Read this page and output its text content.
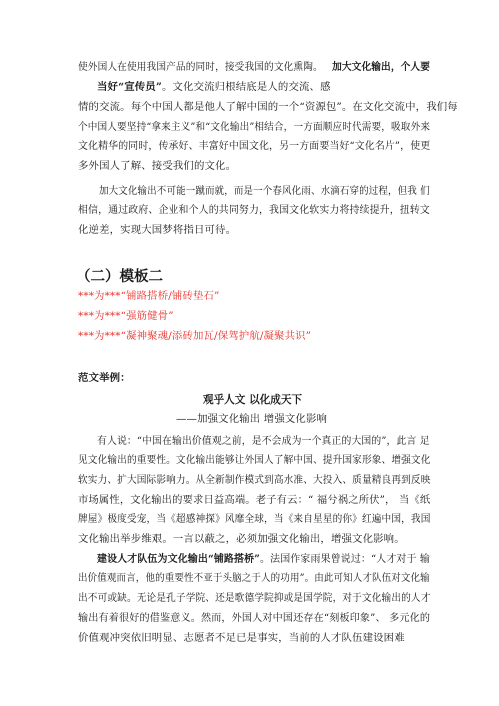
使外国人在使用我国产品的同时，接受我国的文化熏陶。 加大文化输出，个人要
当好“宣传员”。文化交流归根结底是人的交流、感
情的交流。每个中国人都是他人了解中国的一个“资源包”。在文化交流中，我们每
个中国人要坚持“拿来主义”和“文化输出”相结合，一方面顺应时代需要，吸取外来
文化精华的同时，传承好、丰富好中国文化，另一方面要当好“文化名片”，使更
多外国人了解、接受我们的文化。
加大文化输出不可能一蹴而就，而是一个春风化雨、水滴石穿的过程，但我 们
相信，通过政府、企业和个人的共同努力，我国文化软实力将持续提升，扭转文
化逆差，实现大国梦将指日可待。
（二）模板二
***为***“铺路搭桥/铺砖垫石”
***为***“强筋健骨”
***为***“凝神聚魂/添砖加瓦/保驾护航/凝聚共识”
范文举例：
观乎人文 以化成天下
——加强文化输出 增强文化影响
有人说：“中国在输出价值观之前，是不会成为一个真正的大国的”，此言 足
见文化输出的重要性。文化输出能够让外国人了解中国、提升国家形象、增强文化
软实力、扩大国际影响力。从全新制作模式到高水准、大投入、质量精良再到反映
市场属性，文化输出的要求日益高端。老子有云：“ 福兮祸之所伏”， 当《纸
牌屋》极度受宠，当《超感神探》风靡全球，当《来自星星的你》红遍中国，我国
文化输出举步维艰。一言以蔽之，必须加强文化输出，增强文化影响。
建设人才队伍为文化输出“铺路搭桥”。法国作家雨果曾说过：“人才对于 输
出价值观而言，他的重要性不亚于头脑之于人的功用”。由此可知人才队伍对文化输
出不可或缺。无论是孔子学院、还是歌德学院抑或是国学院，对于文化输出的人才
输出有着很好的借鉴意义。然而，外国人对中国还存在“刻板印象”、 多元化的
价值观冲突依旧明显、志愿者不足已是事实，当前的人才队伍建设困难
